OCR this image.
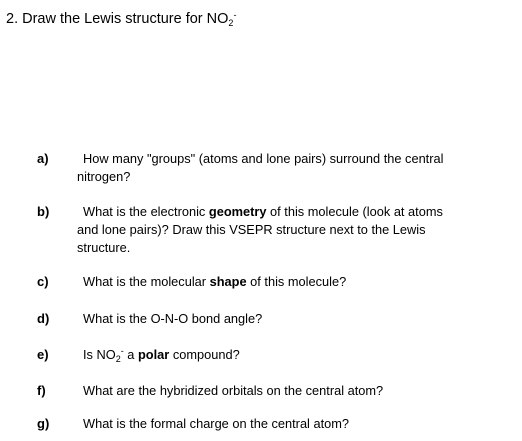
2. Draw the Lewis structure for $NO_2^-$
a)	How many "groups" (atoms and lone pairs) surround the central
nitrogen?
b)	What is the electronic geometry of this molecule (look at atoms
and lone pairs)? Draw this VSEPR structure next to the Lewis
structure.
c)	What is the molecular shape of this molecule?
d)	What is the O-N-O bond angle?
e)	Is $NO_2^-$ a polar compound?
f)	What are the hybridized orbitals on the central atom?
g)	What is the formal charge on the central atom?
